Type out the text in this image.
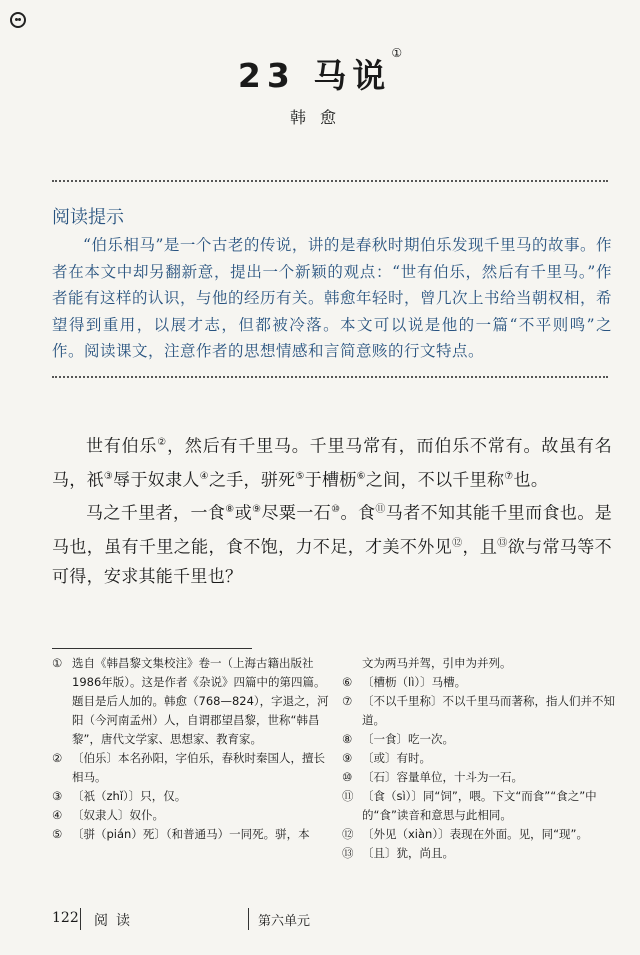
23 马说①
韩愈
阅读提示

“伯乐相马”是一个古老的传说，讲的是春秋时期伯乐发现千里马的故事。作者在本文中却另翻新意，提出一个新颖的观点：“世有伯乐，然后有千里马。”作者能有这样的认识，与他的经历有关。韩愈年轻时，曾几次上书给当朝权相，希望得到重用，以展才志，但都被冷落。本文可以说是他的一篇“不平则鸣”之作。阅读课文，注意作者的思想情感和言简意赅的行文特点。

世有伯乐②，然后有千里马。千里马常有，而伯乐不常有。故虽有名马，祇③辱于奴隶人④之手，骈死⑤于槽枥⑥之间，不以千里称⑦也。

马之千里者，一食⑧或⑨尽粟一石⑩。食⑪马者不知其能千里而食也。是马也，虽有千里之能，食不饱，力不足，才美不外见⑫，且⑬欲与常马等不可得，安求其能千里也？

① 选自《韩昌黎文集校注》卷一（上海古籍出版社1986年版）。这是作者《杂说》四篇中的第四篇。题目是后人加的。韩愈（768—824），字退之，河阳（今河南孟州）人，自谓郡望昌黎，世称“韩昌黎”，唐代文学家、思想家、教育家。
② 〔伯乐〕本名孙阳，字伯乐，春秋时秦国人，擅长相马。
③ 〔祇（zhǐ）〕只，仅。
④ 〔奴隶人〕奴仆。
⑤ 〔骈（pián）死〕（和普通马）一同死。骈，本
文为两马并驾，引申为并列。
⑥ 〔槽枥（lì）〕马槽。
⑦ 〔不以千里称〕不以千里马而著称，指人们并不知道。
⑧ 〔一食〕吃一次。
⑨ 〔或〕有时。
⑩ 〔石〕容量单位，十斗为一石。
⑪ 〔食（sì）〕同“饲”，喂。下文“而食”“食之”中的“食”读音和意思与此相同。
⑫ 〔外见（xiàn）〕表现在外面。见，同“现”。
⑬ 〔且〕犹，尚且。
122 阅读	第六单元
